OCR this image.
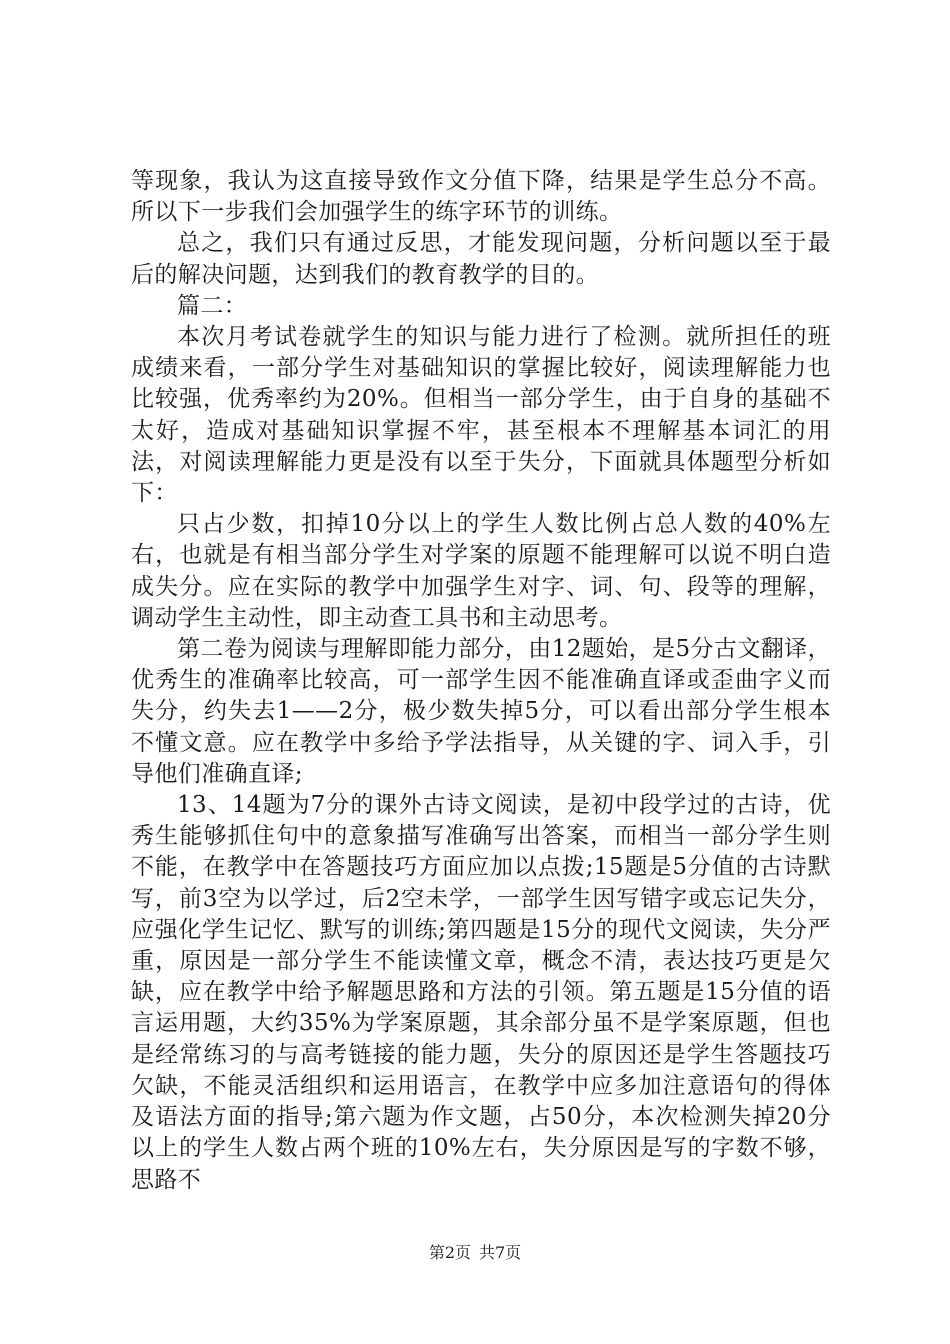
等现象，我认为这直接导致作文分值下降，结果是学生总分不高。所以下一步我们会加强学生的练字环节的训练。

总之，我们只有通过反思，才能发现问题，分析问题以至于最后的解决问题，达到我们的教育教学的目的。

篇二：

本次月考试卷就学生的知识与能力进行了检测。就所担任的班成绩来看，一部分学生对基础知识的掌握比较好，阅读理解能力也比较强，优秀率约为20%。但相当一部分学生，由于自身的基础不太好，造成对基础知识掌握不牢，甚至根本不理解基本词汇的用法，对阅读理解能力更是没有以至于失分，下面就具体题型分析如下：

只占少数，扣掉10分以上的学生人数比例占总人数的40%左右，也就是有相当部分学生对学案的原题不能理解可以说不明白造成失分。应在实际的教学中加强学生对字、词、句、段等的理解，调动学生主动性，即主动查工具书和主动思考。

第二卷为阅读与理解即能力部分，由12题始，是5分古文翻译，优秀生的准确率比较高，可一部学生因不能准确直译或歪曲字义而失分，约失去1——2分，极少数失掉5分，可以看出部分学生根本不懂文意。应在教学中多给予学法指导，从关键的字、词入手，引导他们准确直译;

13、14题为7分的课外古诗文阅读，是初中段学过的古诗，优秀生能够抓住句中的意象描写准确写出答案，而相当一部分学生则不能，在教学中在答题技巧方面应加以点拨;15题是5分值的古诗默写，前3空为以学过，后2空未学，一部学生因写错字或忘记失分，应强化学生记忆、默写的训练;第四题是15分的现代文阅读，失分严重，原因是一部分学生不能读懂文章，概念不清，表达技巧更是欠缺，应在教学中给予解题思路和方法的引领。第五题是15分值的语言运用题，大约35%为学案原题，其余部分虽不是学案原题，但也是经常练习的与高考链接的能力题，失分的原因还是学生答题技巧欠缺，不能灵活组织和运用语言，在教学中应多加注意语句的得体及语法方面的指导;第六题为作文题，占50分，本次检测失掉20分以上的学生人数占两个班的10%左右，失分原因是写的字数不够，思路不

第2页 共7页
